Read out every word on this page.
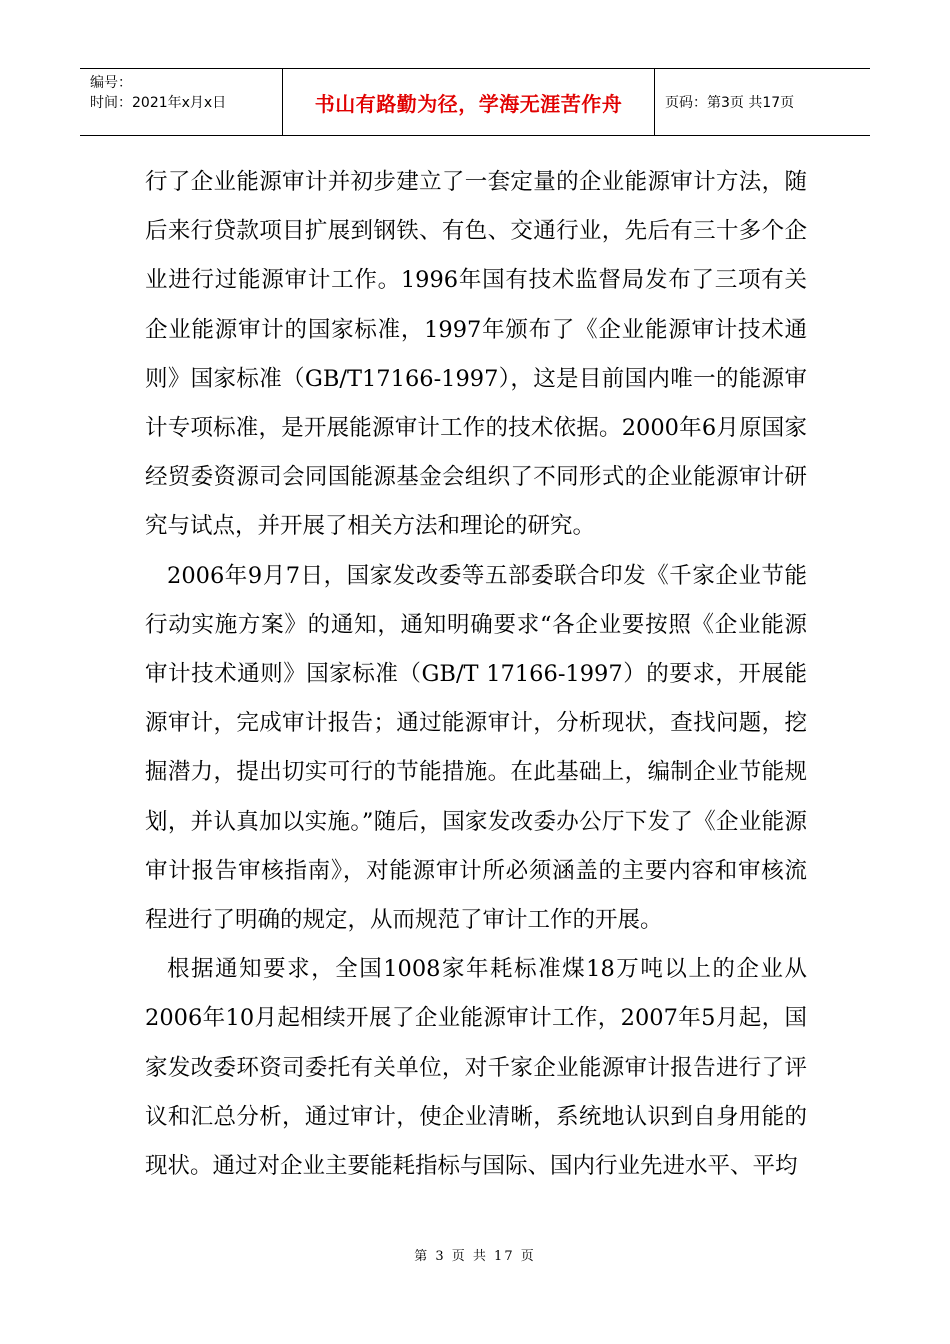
编号：
时间：2021年x月x日	书山有路勤为径，学海无涯苦作舟	页码：第3页 共17页

行了企业能源审计并初步建立了一套定量的企业能源审计方法，随后来行贷款项目扩展到钢铁、有色、交通行业，先后有三十多个企业进行过能源审计工作。1996年国有技术监督局发布了三项有关企业能源审计的国家标准，1997年颁布了《企业能源审计技术通则》国家标准（GB/T17166-1997），这是目前国内唯一的能源审计专项标准，是开展能源审计工作的技术依据。2000年6月原国家经贸委资源司会同国能源基金会组织了不同形式的企业能源审计研究与试点，并开展了相关方法和理论的研究。

2006年9月7日，国家发改委等五部委联合印发《千家企业节能行动实施方案》的通知，通知明确要求“各企业要按照《企业能源审计技术通则》国家标准（GB/T 17166-1997）的要求，开展能源审计，完成审计报告；通过能源审计，分析现状，查找问题，挖掘潜力，提出切实可行的节能措施。在此基础上，编制企业节能规划，并认真加以实施。”随后，国家发改委办公厅下发了《企业能源审计报告审核指南》，对能源审计所必须涵盖的主要内容和审核流程进行了明确的规定，从而规范了审计工作的开展。

根据通知要求，全国1008家年耗标准煤18万吨以上的企业从2006年10月起相续开展了企业能源审计工作，2007年5月起，国家发改委环资司委托有关单位，对千家企业能源审计报告进行了评议和汇总分析，通过审计，使企业清晰，系统地认识到自身用能的现状。通过对企业主要能耗指标与国际、国内行业先进水平、平均

第 3 页 共 17 页
